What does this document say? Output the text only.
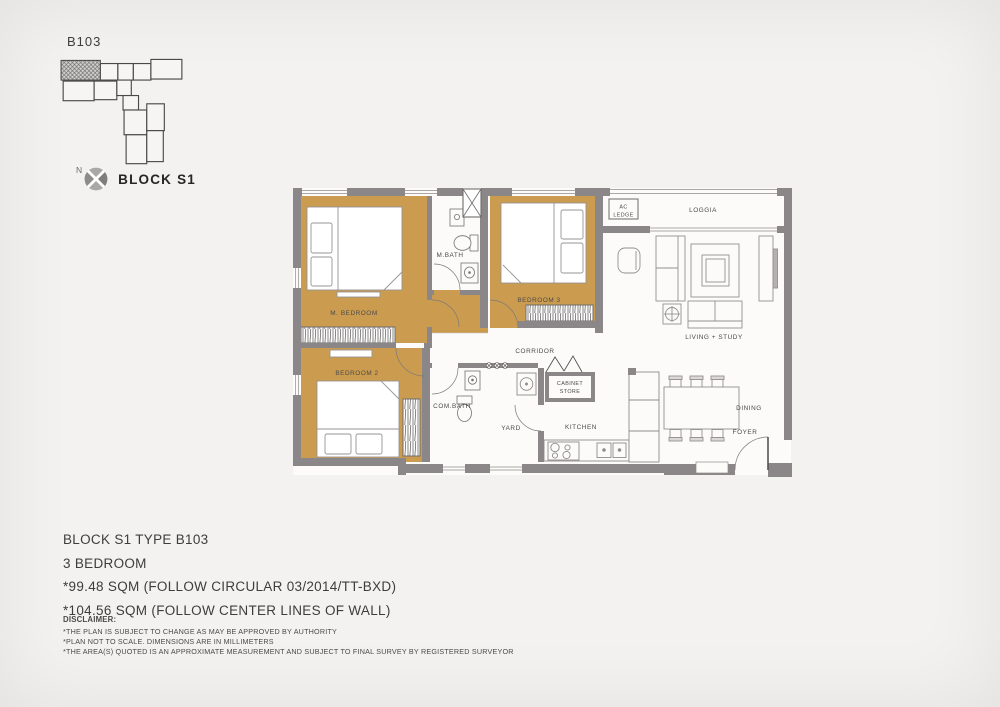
B103
N
BLOCK S1
M. BEDROOM
M.BATH
BEDROOM 3
AC
LEDGE
LOGGIA
LIVING + STUDY
CORRIDOR
BEDROOM 2
COM.BATH
YARD
CABINET
STORE
KITCHEN
DINING
FOYER
BLOCK S1 TYPE B103
3 BEDROOM
*99.48 SQM (FOLLOW CIRCULAR 03/2014/TT-BXD)
*104.56 SQM (FOLLOW CENTER LINES OF WALL)
DISCLAIMER:
*THE PLAN IS SUBJECT TO CHANGE AS MAY BE APPROVED BY AUTHORITY
*PLAN NOT TO SCALE. DIMENSIONS ARE IN MILLIMETERS
*THE AREA(S) QUOTED IS AN APPROXIMATE MEASUREMENT AND SUBJECT TO FINAL SURVEY BY REGISTERED SURVEYOR
